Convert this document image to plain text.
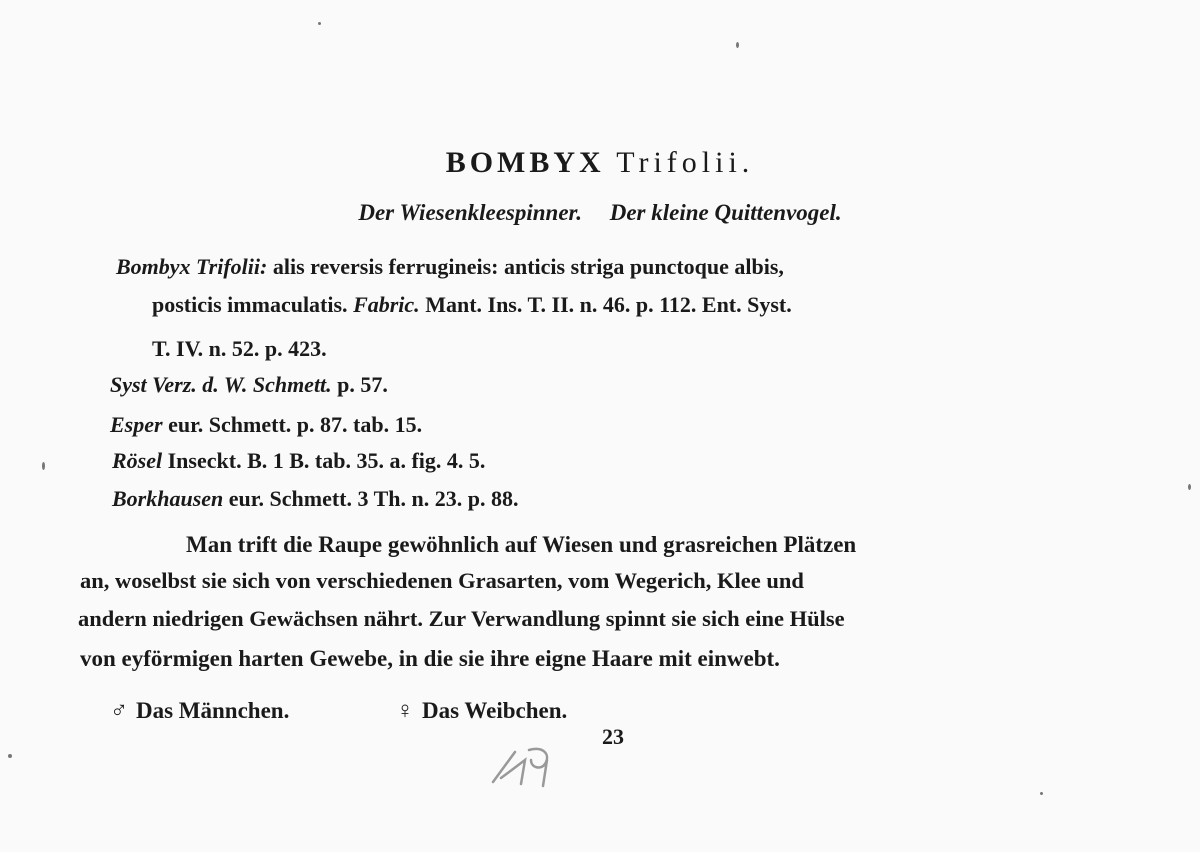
BOMBYX Trifolii.
Der Wiesenkleespinner. Der kleine Quittenvogel.
Bombyx Trifolii: alis reversis ferrugineis: anticis striga punctoque albis,
posticis immaculatis. Fabric. Mant. Ins. T. II. n. 46. p. 112. Ent. Syst.
T. IV. n. 52. p. 423.
Syst Verz. d. W. Schmett. p. 57.
Esper eur. Schmett. p. 87. tab. 15.
Rösel Inseckt. B. 1 B. tab. 35. a. fig. 4. 5.
Borkhausen eur. Schmett. 3 Th. n. 23. p. 88.
Man trift die Raupe gewöhnlich auf Wiesen und grasreichen Plätzen
an, woselbst sie sich von verschiedenen Grasarten, vom Wegerich, Klee und
andern niedrigen Gewächsen nährt. Zur Verwandlung spinnt sie sich eine Hülse
von eyförmigen harten Gewebe, in die sie ihre eigne Haare mit einwebt.
♂ Das Männchen.	♀ Das Weibchen.
23
